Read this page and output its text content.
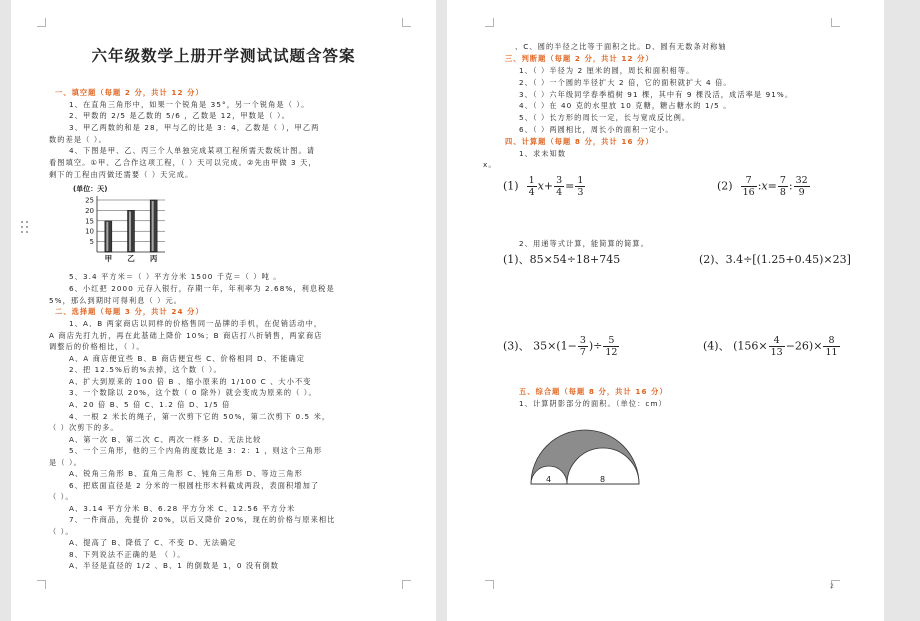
六年级数学上册开学测试试题含答案
一、填空题（每题 2 分，共计 12 分）
1、在直角三角形中，如果一个锐角是 35°，另一个锐角是（ ）。
2、甲数的 2/5 是乙数的 5/6 ，乙数是 12，甲数是（ ）。
3、甲乙两数的和是 28，甲与乙的比是 3：4，乙数是（ ），甲乙两
数的差是（ ）。
4、下图是甲、乙、丙三个人单独完成某项工程所需天数统计图。请
看图填空。①甲、乙合作这项工程，（ ）天可以完成。②先由甲做 3 天，
剩下的工程由丙做还需要（ ）天完成。
(单位：天)
5
10
15
20
25
甲 乙 丙
5、3.4 平方米＝（ ）平方分米 1500 千克＝（ ）吨 。
6、小红把 2000 元存入银行，存期一年，年利率为 2.68%，利息税是
5%，那么到期时可得利息（ ）元。
二、选择题（每题 3 分，共计 24 分）
1、A、B 两家商店以同样的价格售同一品牌的手机，在促销活动中，
A 商店先打九折，再在此基础上降价 10%；B 商店打八折销售，两家商店
调整后的价格相比，（ ）。
A、A 商店便宜些 B、B 商店便宜些 C、价格相同 D、不能确定
2、把 12.5%后的%去掉，这个数（ ）。
A、扩大到原来的 100 倍 B 、缩小原来的 1/100 C 、大小不变
3、一个数除以 20%，这个数（ 0 除外）就会变成为原来的（ ）。
A、20 倍 B、5 倍 C、1.2 倍 D、1/5 倍
4、一根 2 米长的绳子，第一次剪下它的 50%，第二次剪下 0.5 米，
（ ）次剪下的多。
A、第一次 B、第二次 C、两次一样多 D、无法比较
5、一个三角形，他的三个内角的度数比是 3：2：1 ，则这个三角形
是（ ）。
A、锐角三角形 B、直角三角形 C、钝角三角形 D、等边三角形
6、把底面直径是 2 分米的一根圆柱形木料截成两段，表面积增加了
（ ）。
A、3.14 平方分米 B、6.28 平方分米 C、12.56 平方分米
7、一件商品，先提价 20%，以后又降价 20%，现在的价格与原来相比
（ ）。
A、提高了 B、降低了 C、不变 D、无法确定
8、下列说法不正确的是 （ ）。
A、半径是直径的 1/2 、B、1 的倒数是 1，0 没有倒数
、C、圆的半径之比等于面积之比。D、圆有无数条对称轴
三、判断题（每题 2 分，共计 12 分）
1、（ ）半径为 2 厘米的圆，周长和面积相等。
2、（ ）一个圆的半径扩大 2 倍，它的面积就扩大 4 倍。
3、（ ）六年级同学春季植树 91 棵，其中有 9 棵没活，成活率是 91%。
4、（ ）在 40 克的水里放 10 克糖，糖占糖水的 1/5 。
5、（ ）长方形的周长一定，长与宽成反比例。
6、（ ）两圆相比，周长小的面积一定小。
四、计算题（每题 8 分，共计 16 分）
1、求未知数
x。
$(1) \frac{1}{4} x+ \frac{3}{4} = \frac{1}{3}$	$(2) \frac{7}{16}$ :x= $\frac{7}{8}$ : $\frac{32}{9}$
2、用递等式计算，能简算的简算。
(1)、85×54÷18+745	(2)、3.4÷[(1.25+0.45)×23]
(3)、 $35\times(1- \frac{3}{7}$ )÷ $\frac{5}{12}$	(4)、 $(156\times \frac{4}{13} -26)\times \frac{8}{11}$
五、综合题（每题 8 分，共计 16 分）
1、计算阴影部分的面积。（单位：cm）
4	8
2
